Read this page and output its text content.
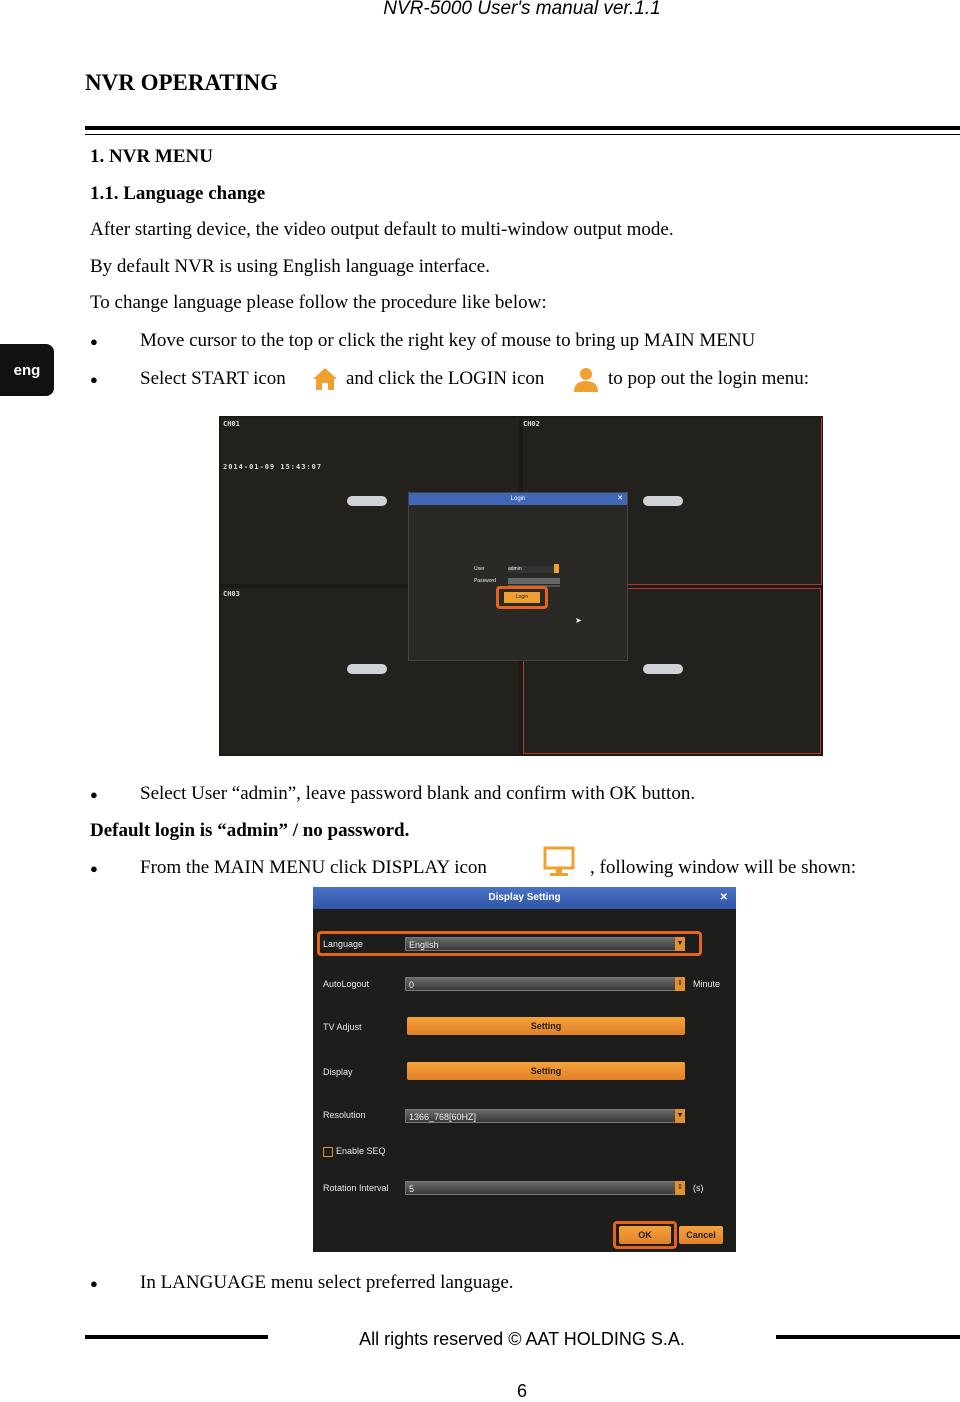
NVR-5000 User's manual ver.1.1
NVR OPERATING
eng
1. NVR MENU
1.1. Language change
After starting device, the video output default to multi-window output mode.
By default NVR is using English language interface.
To change language please follow the procedure like below:
● Move cursor to the top or click the right key of mouse to bring up MAIN MENU
● Select START icon	and click the LOGIN icon	to pop out the login menu:
CH01	CH02
CH03
2014-01-09 15:43:07
Login	✕
User	admin
Password
Login
➤
● Select User “admin”, leave password blank and confirm with OK button.
Default login is “admin” / no password.
● From the MAIN MENU click DISPLAY icon	, following window will be shown:
Display Setting	✕
Language	English	▼
AutoLogout	0	⇕ Minute
TV Adjust	Setting
Display	Setting
Resolution	1366_768[60HZ]	▼
Enable SEQ
Rotation Interval	5	⇕ (s)
OK	Cancel
● In LANGUAGE menu select preferred language.
All rights reserved © AAT HOLDING S.A.
6
